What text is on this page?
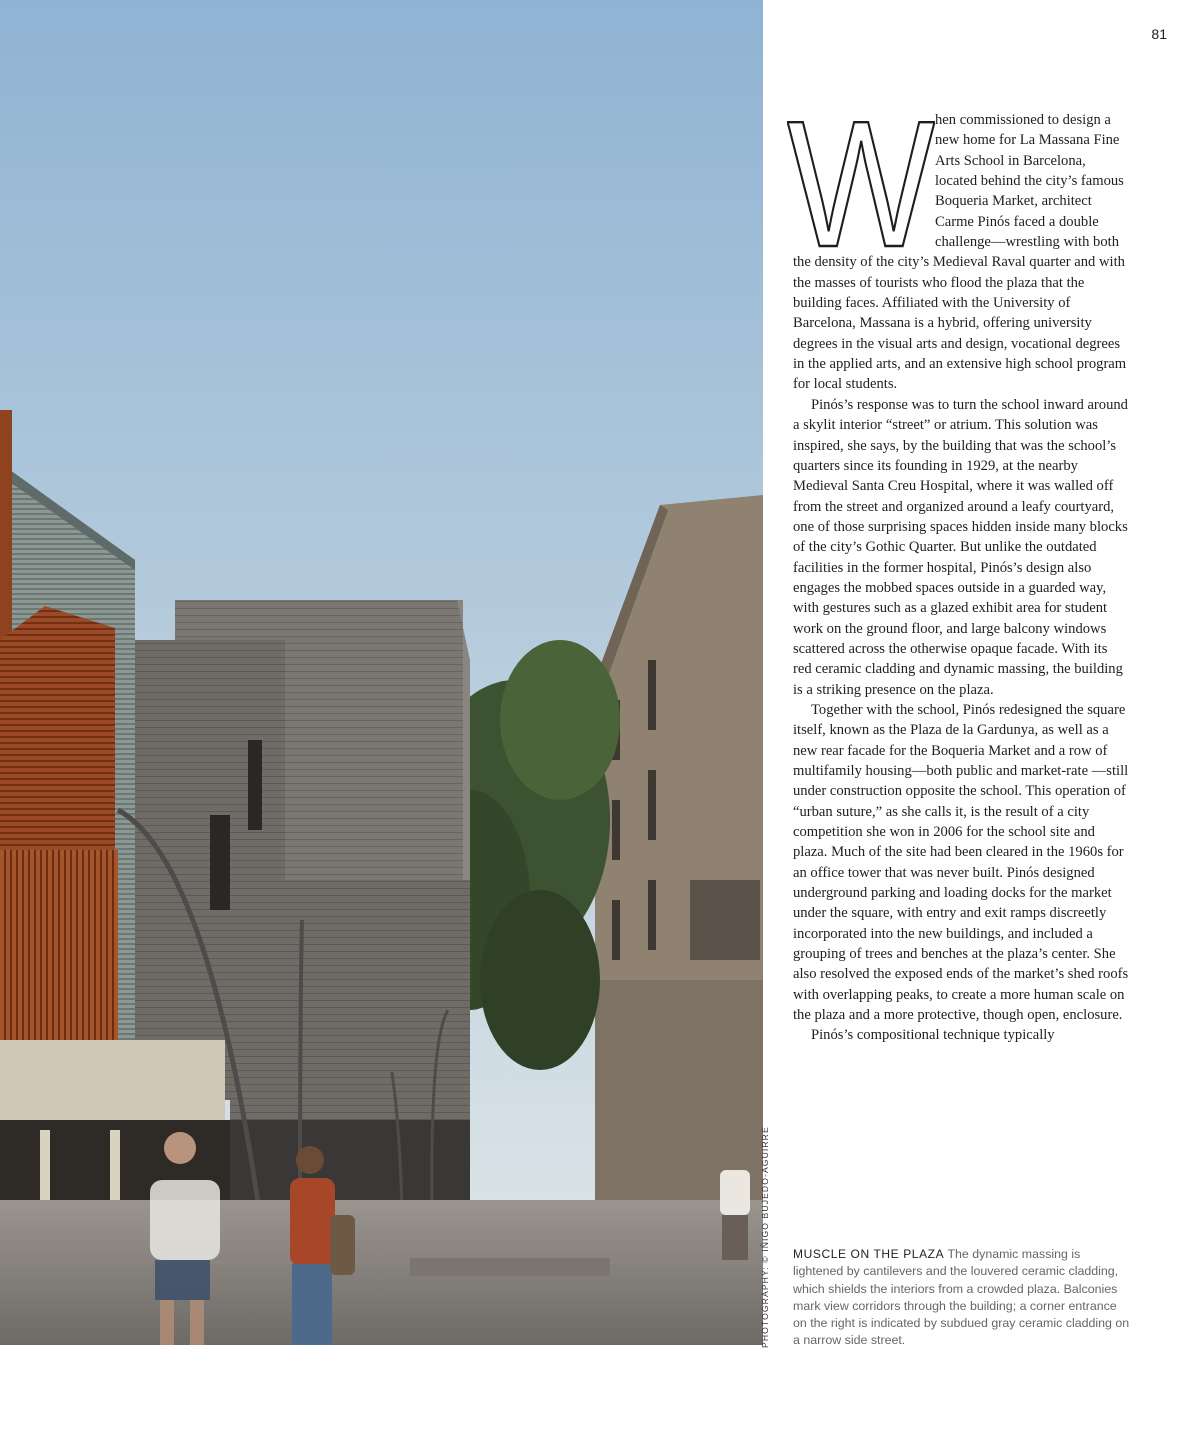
81
W hen commissioned to design a new home for La Massana Fine Arts School in Barcelona, located behind the city’s famous Boqueria Market, architect Carme Pinós faced a double challenge—wrestling with both the density of the city’s Medieval Raval quarter and with the masses of tourists who flood the plaza that the building faces. Affiliated with the University of Barcelona, Massana is a hybrid, offering university degrees in the visual arts and design, vocational degrees in the applied arts, and an extensive high school program for local students.

Pinós’s response was to turn the school inward around a skylit interior “street” or atrium. This solution was inspired, she says, by the building that was the school’s quarters since its founding in 1929, at the nearby Medieval Santa Creu Hospital, where it was walled off from the street and organized around a leafy courtyard, one of those surprising spaces hidden inside many blocks of the city’s Gothic Quarter. But unlike the outdated facilities in the former hospital, Pinós’s design also engages the mobbed spaces outside in a guarded way, with gestures such as a glazed exhibit area for student work on the ground floor, and large balcony windows scattered across the otherwise opaque facade. With its red ceramic cladding and dynamic massing, the building is a striking presence on the plaza.

Together with the school, Pinós redesigned the square itself, known as the Plaza de la Gardunya, as well as a new rear facade for the Boqueria Market and a row of multifamily housing—both public and market-rate —still under construction opposite the school. This operation of “urban suture,” as she calls it, is the result of a city competition she won in 2006 for the school site and plaza. Much of the site had been cleared in the 1960s for an office tower that was never built. Pinós designed underground parking and loading docks for the market under the square, with entry and exit ramps discreetly incorporated into the new buildings, and included a grouping of trees and benches at the plaza’s center. She also resolved the exposed ends of the market’s shed roofs with overlapping peaks, to create a more human scale on the plaza and a more protective, though open, enclosure.

Pinós’s compositional technique typically

PHOTOGRAPHY: © IÑIGO BUJEDO-AGUIRRE MUSCLE ON THE PLAZA The dynamic massing is lightened by cantilevers and the louvered ceramic cladding, which shields the interiors from a crowded plaza. Balconies mark view corridors through the building; a corner entrance on the right is indicated by subdued gray ceramic cladding on a narrow side street.
